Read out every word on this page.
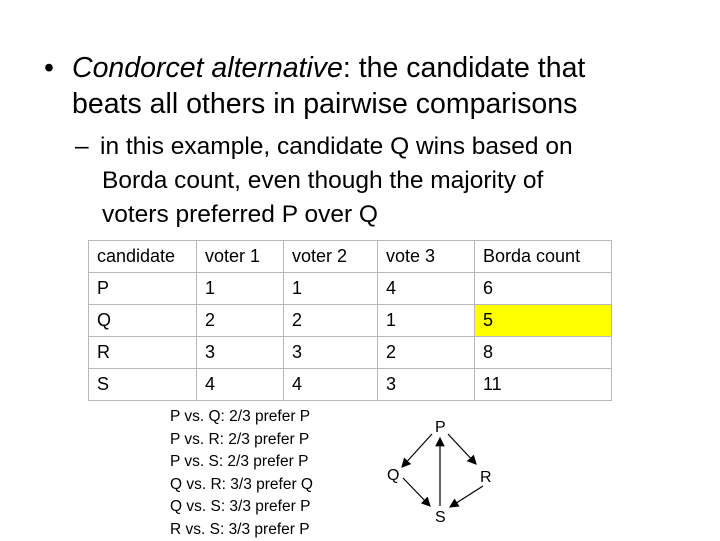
• Condorcet alternative: the candidate that
beats all others in pairwise comparisons
– in this example, candidate Q wins based on
Borda count, even though the majority of
voters preferred P over Q
candidate	voter 1	voter 2	vote 3	Borda count
P	1	1	4	6
Q	2	2	1	5
R	3	3	2	8
S	4	4	3	11
P vs. Q: 2/3 prefer P
P vs. R: 2/3 prefer P
P vs. S: 2/3 prefer P
Q vs. R: 3/3 prefer Q
Q vs. S: 3/3 prefer P
R vs. S: 3/3 prefer P
P
Q	R
S
